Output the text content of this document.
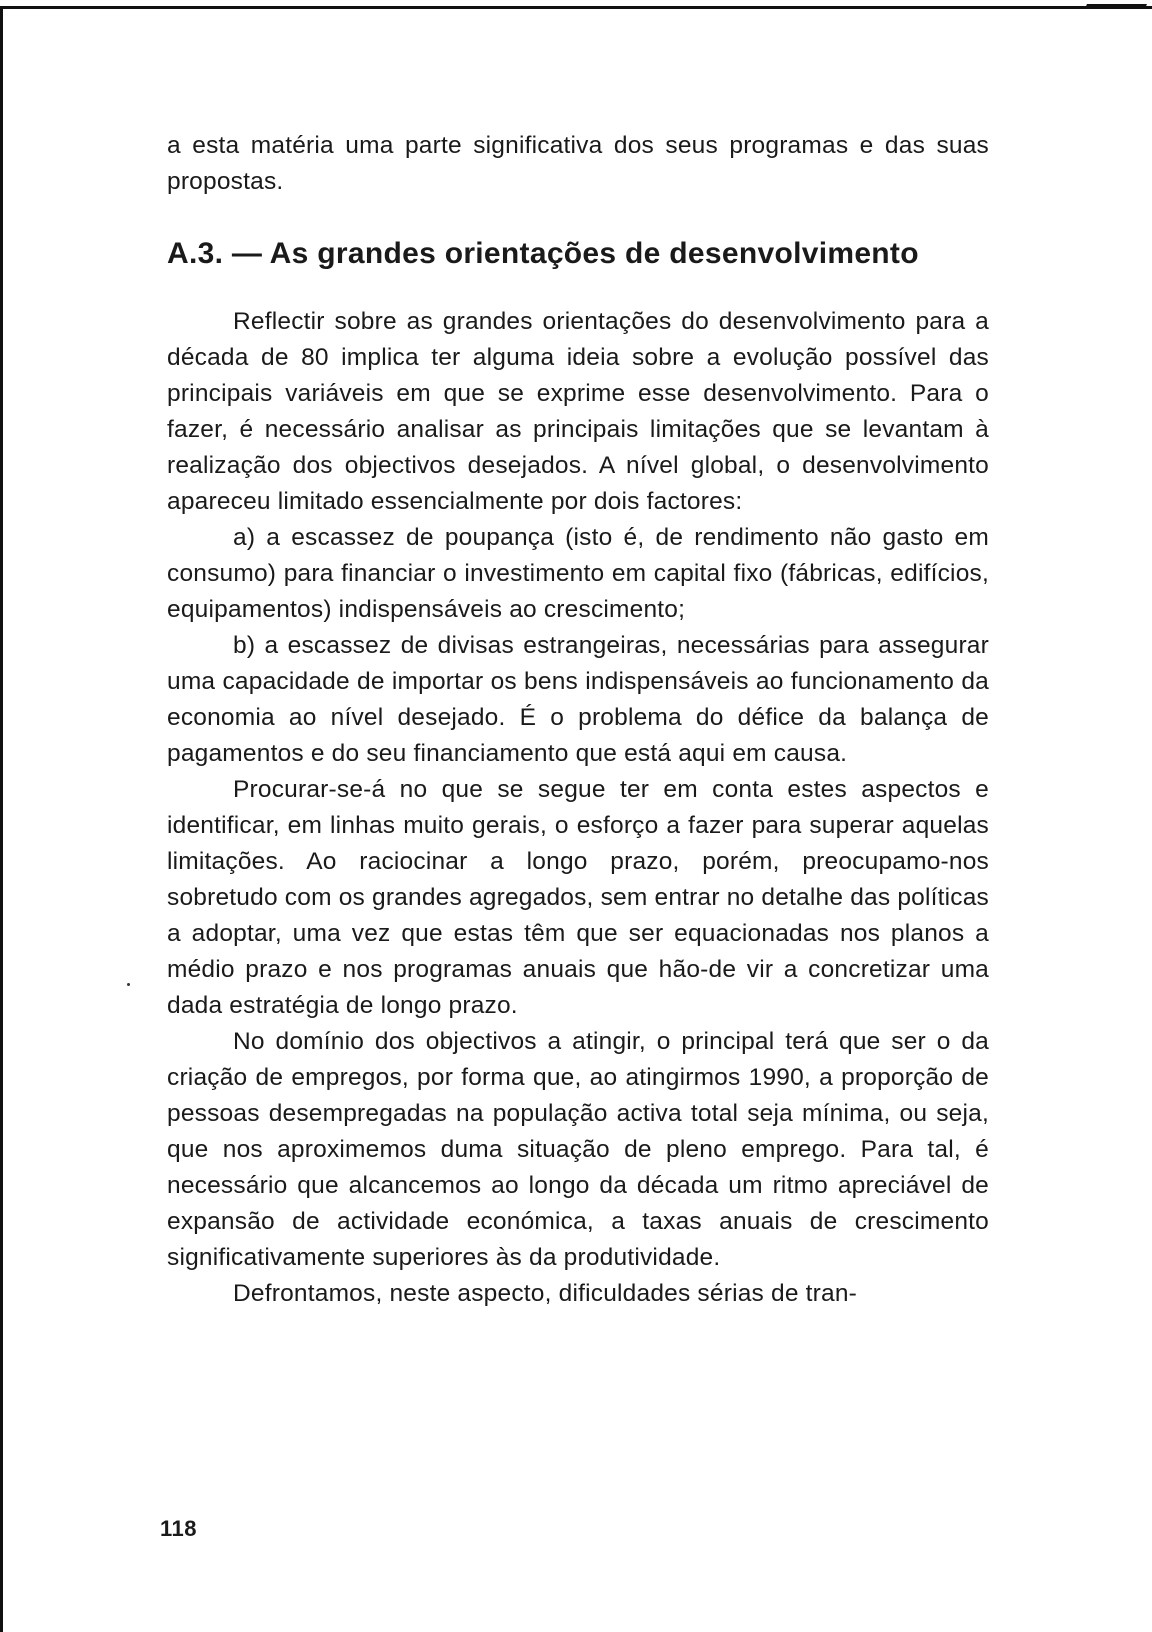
a esta matéria uma parte significativa dos seus programas e das suas propostas.

A.3. — As grandes orientações de desenvolvimento

Reflectir sobre as grandes orientações do desenvolvimento para a década de 80 implica ter alguma ideia sobre a evolução possível das principais variáveis em que se exprime esse desenvolvimento. Para o fazer, é necessário analisar as principais limitações que se levantam à realização dos objectivos desejados. A nível global, o desenvolvimento apareceu limitado essencialmente por dois factores:

a) a escassez de poupança (isto é, de rendimento não gasto em consumo) para financiar o investimento em capital fixo (fábricas, edifícios, equipamentos) indispensáveis ao crescimento;

b) a escassez de divisas estrangeiras, necessárias para assegurar uma capacidade de importar os bens indispensáveis ao funcionamento da economia ao nível desejado. É o problema do défice da balança de pagamentos e do seu financiamento que está aqui em causa.

Procurar-se-á no que se segue ter em conta estes aspectos e identificar, em linhas muito gerais, o esforço a fazer para superar aquelas limitações. Ao raciocinar a longo prazo, porém, preocupamo-nos sobretudo com os grandes agregados, sem entrar no detalhe das políticas a adoptar, uma vez que estas têm que ser equacionadas nos planos a médio prazo e nos programas anuais que hão-de vir a concretizar uma dada estratégia de longo prazo.

No domínio dos objectivos a atingir, o principal terá que ser o da criação de empregos, por forma que, ao atingirmos 1990, a proporção de pessoas desempregadas na população activa total seja mínima, ou seja, que nos aproximemos duma situação de pleno emprego. Para tal, é necessário que alcancemos ao longo da década um ritmo apreciável de expansão de actividade económica, a taxas anuais de crescimento significativamente superiores às da produtividade.

Defrontamos, neste aspecto, dificuldades sérias de tran-

118
